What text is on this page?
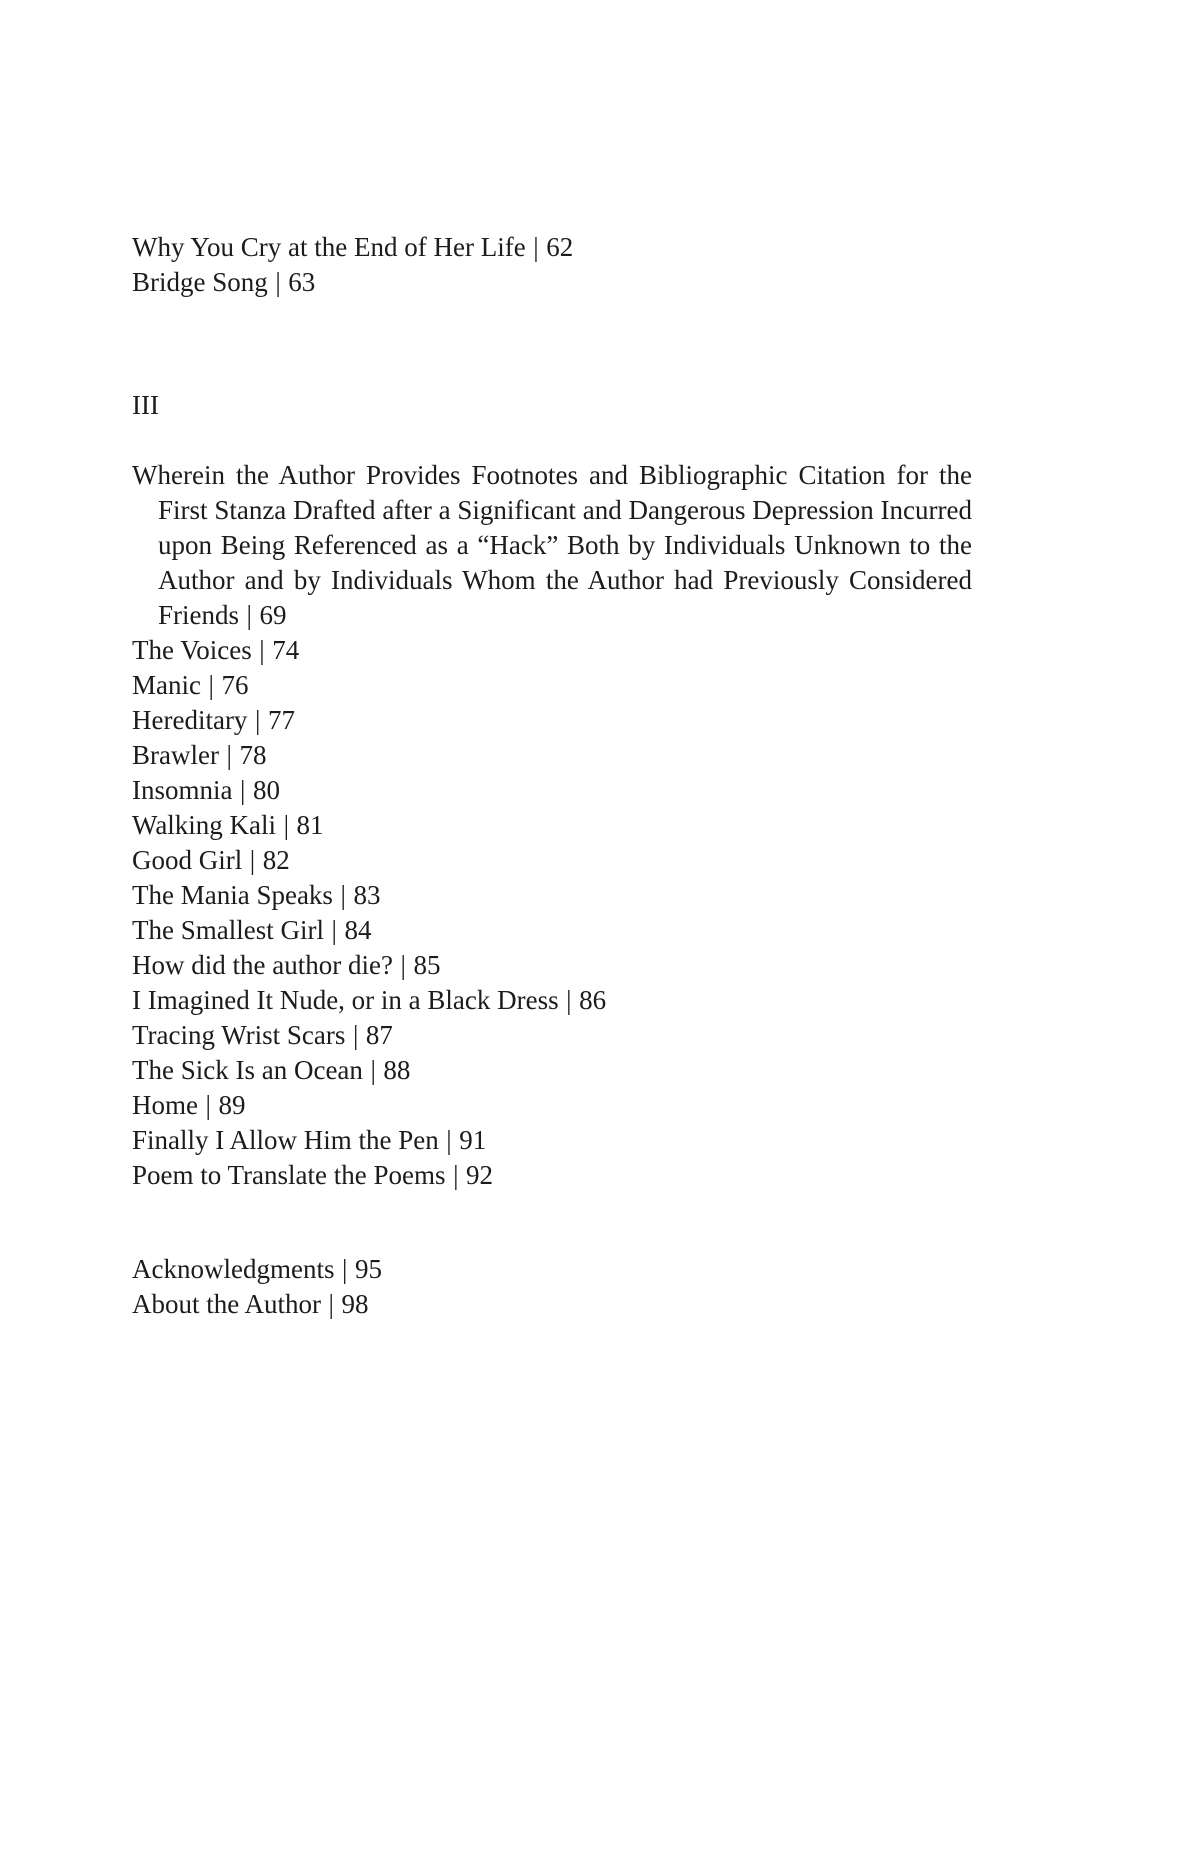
Why You Cry at the End of Her Life | 62
Bridge Song | 63
III
Wherein the Author Provides Footnotes and Bibliographic Citation for the First Stanza Drafted after a Significant and Dangerous Depression Incurred upon Being Referenced as a “Hack” Both by Individuals Unknown to the Author and by Individuals Whom the Author had Previously Considered Friends | 69
The Voices | 74
Manic | 76
Hereditary | 77
Brawler | 78
Insomnia | 80
Walking Kali | 81
Good Girl | 82
The Mania Speaks | 83
The Smallest Girl | 84
How did the author die? | 85
I Imagined It Nude, or in a Black Dress | 86
Tracing Wrist Scars | 87
The Sick Is an Ocean | 88
Home | 89
Finally I Allow Him the Pen | 91
Poem to Translate the Poems | 92
Acknowledgments | 95
About the Author | 98
